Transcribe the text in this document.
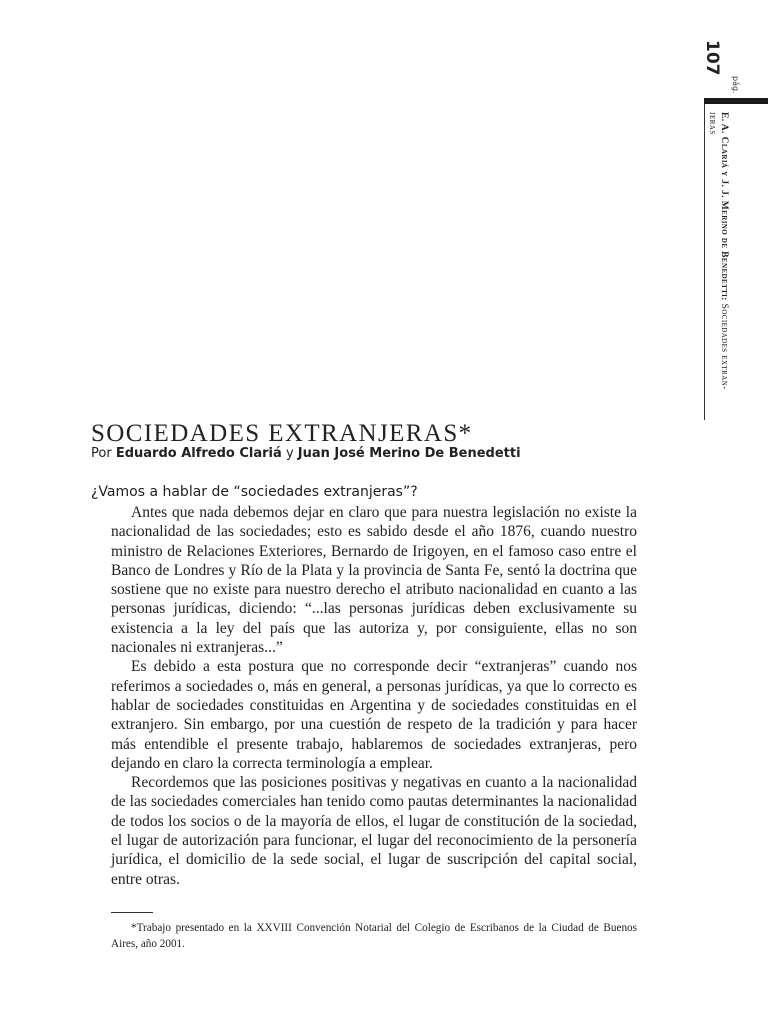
107
pág.
E. A. Clariá y J. J. Merino de Benedetti: Sociedades extran-jeras
SOCIEDADES EXTRANJERAS*
Por Eduardo Alfredo Clariá y Juan José Merino De Benedetti
¿Vamos a hablar de “sociedades extranjeras”?

Antes que nada debemos dejar en claro que para nuestra legislación no existe la nacionalidad de las sociedades; esto es sabido desde el año 1876, cuando nuestro ministro de Relaciones Exteriores, Bernardo de Irigoyen, en el famoso caso entre el Banco de Londres y Río de la Plata y la provincia de Santa Fe, sentó la doctrina que sostiene que no existe para nuestro derecho el atributo nacionalidad en cuanto a las personas jurídicas, diciendo: “...las personas jurídicas deben exclusivamente su existencia a la ley del país que las autoriza y, por consiguiente, ellas no son nacionales ni extranjeras...”

Es debido a esta postura que no corresponde decir “extranjeras” cuando nos referimos a sociedades o, más en general, a personas jurídicas, ya que lo correcto es hablar de sociedades constituidas en Argentina y de sociedades constituidas en el extranjero. Sin embargo, por una cuestión de respeto de la tradición y para hacer más entendible el presente trabajo, hablaremos de sociedades extranjeras, pero dejando en claro la correcta terminología a emplear.

Recordemos que las posiciones positivas y negativas en cuanto a la nacionalidad de las sociedades comerciales han tenido como pautas determinantes la nacionalidad de todos los socios o de la mayoría de ellos, el lugar de constitución de la sociedad, el lugar de autorización para funcionar, el lugar del reconocimiento de la personería jurídica, el domicilio de la sede social, el lugar de suscripción del capital social, entre otras.

*Trabajo presentado en la XXVIII Convención Notarial del Colegio de Escribanos de la Ciudad de Buenos Aires, año 2001.
